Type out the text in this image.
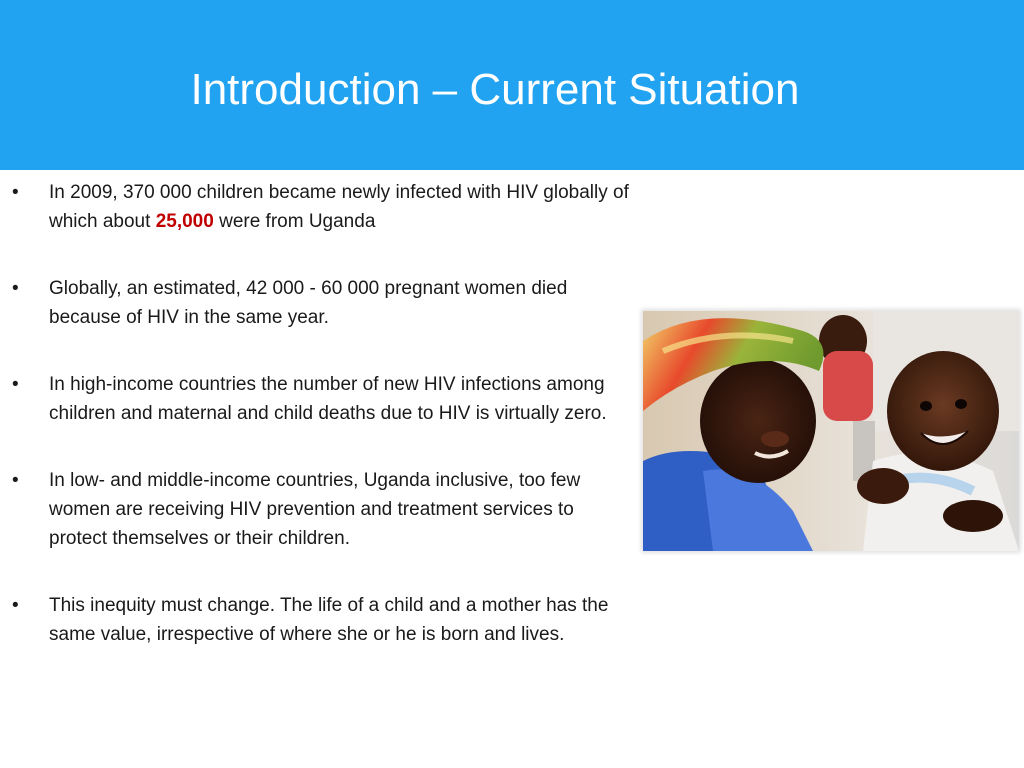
Introduction – Current Situation
•	In 2009, 370 000 children became newly infected with HIV globally of which about 25,000 were from Uganda
•	Globally, an estimated, 42 000 - 60 000 pregnant women died because of HIV in the same year.
•	In high-income countries the number of new HIV infections among children and maternal and child deaths due to HIV is virtually zero.
•	In low- and middle-income countries, Uganda inclusive, too few women are receiving HIV prevention and treatment services to protect themselves or their children.
•	This inequity must change. The life of a child and a mother has the same value, irrespective of where she or he is born and lives.
